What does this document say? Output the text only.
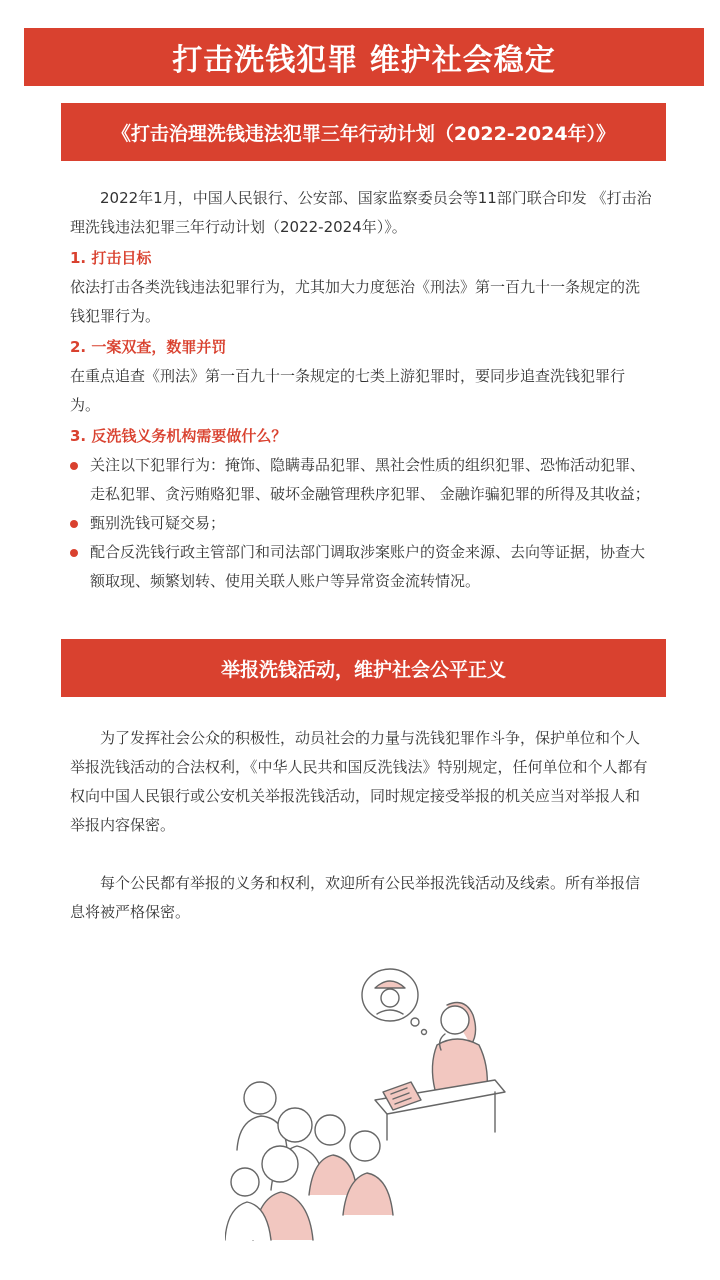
打击洗钱犯罪 维护社会稳定
《打击治理洗钱违法犯罪三年行动计划（2022-2024年）》

2022年1月，中国人民银行、公安部、国家监察委员会等11部门联合印发 《打击治理洗钱违法犯罪三年行动计划（2022-2024年）》。

1. 打击目标

依法打击各类洗钱违法犯罪行为，尤其加大力度惩治《刑法》第一百九十一条规定的洗钱犯罪行为。

2. 一案双查，数罪并罚

在重点追查《刑法》第一百九十一条规定的七类上游犯罪时，要同步追查洗钱犯罪行为。

3. 反洗钱义务机构需要做什么？

关注以下犯罪行为：掩饰、隐瞒毒品犯罪、黑社会性质的组织犯罪、恐怖活动犯罪、走私犯罪、贪污贿赂犯罪、破坏金融管理秩序犯罪、 金融诈骗犯罪的所得及其收益；
甄别洗钱可疑交易；
配合反洗钱行政主管部门和司法部门调取涉案账户的资金来源、去向等证据，协查大额取现、频繁划转、使用关联人账户等异常资金流转情况。
举报洗钱活动，维护社会公平正义

为了发挥社会公众的积极性，动员社会的力量与洗钱犯罪作斗争，保护单位和个人举报洗钱活动的合法权利，《中华人民共和国反洗钱法》特别规定，任何单位和个人都有权向中国人民银行或公安机关举报洗钱活动，同时规定接受举报的机关应当对举报人和举报内容保密。

每个公民都有举报的义务和权利，欢迎所有公民举报洗钱活动及线索。所有举报信息将被严格保密。
